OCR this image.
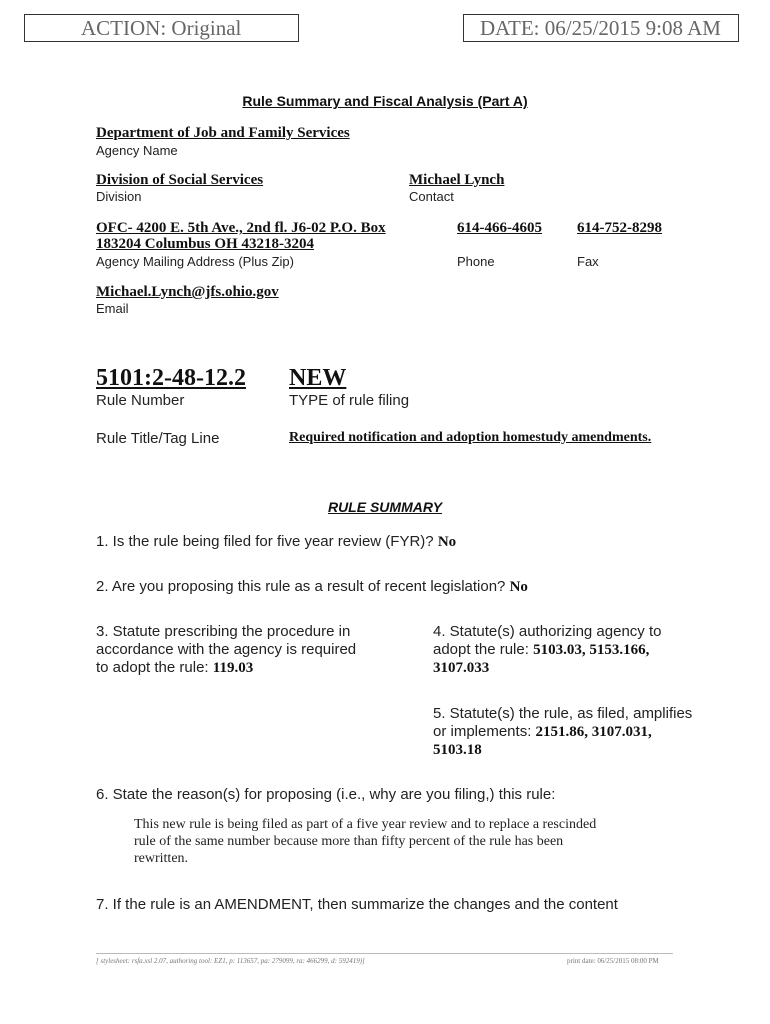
ACTION: Original	DATE: 06/25/2015 9:08 AM
Rule Summary and Fiscal Analysis (Part A)
Department of Job and Family Services
Agency Name
Division of Social Services
Division
Michael Lynch
Contact
OFC- 4200 E. 5th Ave., 2nd fl. J6-02 P.O. Box
183204 Columbus OH 43218-3204
Agency Mailing Address (Plus Zip)
614-466-4605
Phone
614-752-8298
Fax
Michael.Lynch@jfs.ohio.gov
Email
5101:2-48-12.2
Rule Number
NEW
TYPE of rule filing
Rule Title/Tag Line	Required notification and adoption homestudy amendments.
RULE SUMMARY
1. Is the rule being filed for five year review (FYR)? No
2. Are you proposing this rule as a result of recent legislation? No
3. Statute prescribing the procedure in
accordance with the agency is required
to adopt the rule: 119.03
4. Statute(s) authorizing agency to
adopt the rule: 5103.03, 5153.166,
3107.033
5. Statute(s) the rule, as filed, amplifies
or implements: 2151.86, 3107.031,
5103.18
6. State the reason(s) for proposing (i.e., why are you filing,) this rule:
This new rule is being filed as part of a five year review and to replace a rescinded
rule of the same number because more than fifty percent of the rule has been
rewritten.
7. If the rule is an AMENDMENT, then summarize the changes and the content
[ stylesheet: rsfa.xsl 2.07, authoring tool: EZ1, p: 113657, pa: 279099, ra: 466299, d: 592419)]	print date: 06/25/2015 08:00 PM
